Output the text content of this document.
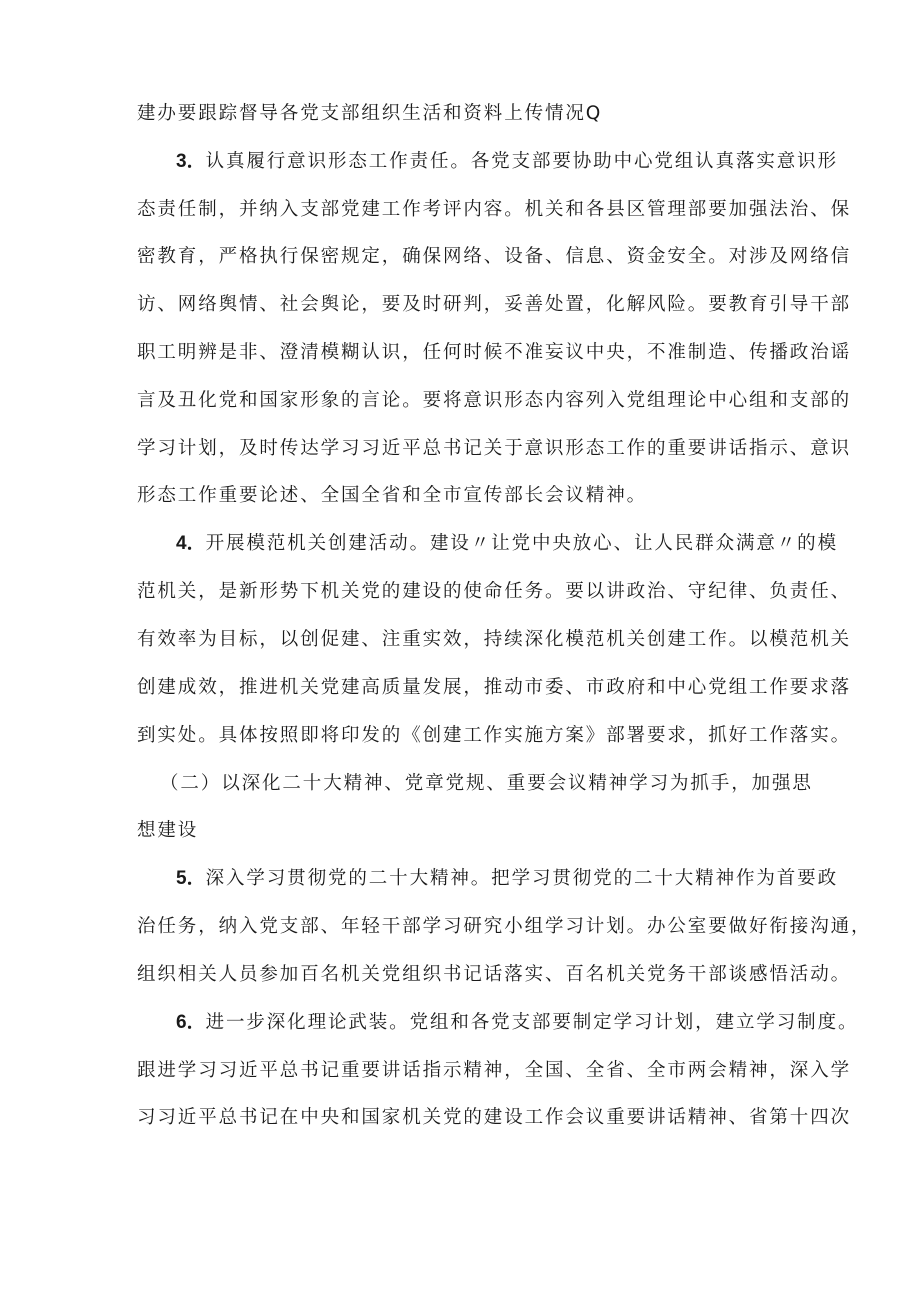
建办要跟踪督导各党支部组织生活和资料上传情况Q
3．认真履行意识形态工作责任。各党支部要协助中心党组认真落实意识形
态责任制，并纳入支部党建工作考评内容。机关和各县区管理部要加强法治、保
密教育，严格执行保密规定，确保网络、设备、信息、资金安全。对涉及网络信
访、网络舆情、社会舆论，要及时研判，妥善处置，化解风险。要教育引导干部
职工明辨是非、澄清模糊认识，任何时候不准妄议中央，不准制造、传播政治谣
言及丑化党和国家形象的言论。要将意识形态内容列入党组理论中心组和支部的
学习计划，及时传达学习习近平总书记关于意识形态工作的重要讲话指示、意识
形态工作重要论述、全国全省和全市宣传部长会议精神。
4．开展模范机关创建活动。建设〃让党中央放心、让人民群众满意〃的模
范机关，是新形势下机关党的建设的使命任务。要以讲政治、守纪律、负责任、
有效率为目标，以创促建、注重实效，持续深化模范机关创建工作。以模范机关
创建成效，推进机关党建高质量发展，推动市委、市政府和中心党组工作要求落
到实处。具体按照即将印发的《创建工作实施方案》部署要求，抓好工作落实。
（二）以深化二十大精神、党章党规、重要会议精神学习为抓手，加强思
想建设
5．深入学习贯彻党的二十大精神。把学习贯彻党的二十大精神作为首要政
治任务，纳入党支部、年轻干部学习研究小组学习计划。办公室要做好衔接沟通，
组织相关人员参加百名机关党组织书记话落实、百名机关党务干部谈感悟活动。
6．进一步深化理论武装。党组和各党支部要制定学习计划，建立学习制度。
跟进学习习近平总书记重要讲话指示精神，全国、全省、全市两会精神，深入学
习习近平总书记在中央和国家机关党的建设工作会议重要讲话精神、省第十四次
